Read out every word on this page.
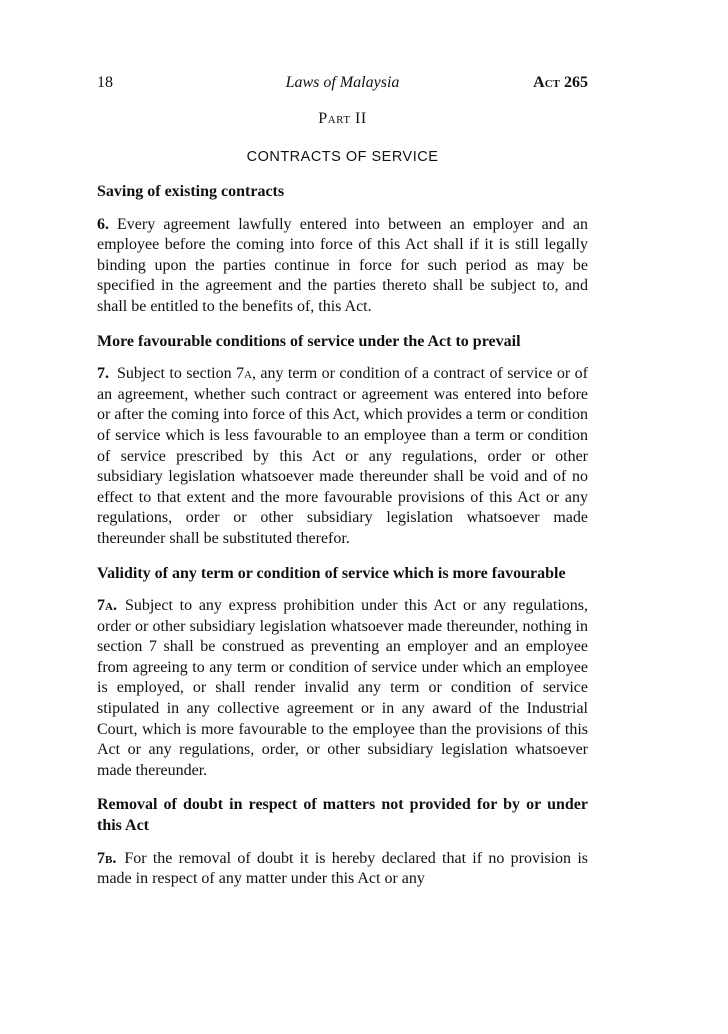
18	Laws of Malaysia	Act 265
Part II
CONTRACTS OF SERVICE
Saving of existing contracts

6. Every agreement lawfully entered into between an employer and an employee before the coming into force of this Act shall if it is still legally binding upon the parties continue in force for such period as may be specified in the agreement and the parties thereto shall be subject to, and shall be entitled to the benefits of, this Act.

More favourable conditions of service under the Act to prevail

7. Subject to section 7a, any term or condition of a contract of service or of an agreement, whether such contract or agreement was entered into before or after the coming into force of this Act, which provides a term or condition of service which is less favourable to an employee than a term or condition of service prescribed by this Act or any regulations, order or other subsidiary legislation whatsoever made thereunder shall be void and of no effect to that extent and the more favourable provisions of this Act or any regulations, order or other subsidiary legislation whatsoever made thereunder shall be substituted therefor.

Validity of any term or condition of service which is more favourable

7a. Subject to any express prohibition under this Act or any regulations, order or other subsidiary legislation whatsoever made thereunder, nothing in section 7 shall be construed as preventing an employer and an employee from agreeing to any term or condition of service under which an employee is employed, or shall render invalid any term or condition of service stipulated in any collective agreement or in any award of the Industrial Court, which is more favourable to the employee than the provisions of this Act or any regulations, order, or other subsidiary legislation whatsoever made thereunder.

Removal of doubt in respect of matters not provided for by or under this Act

7b. For the removal of doubt it is hereby declared that if no provision is made in respect of any matter under this Act or any
